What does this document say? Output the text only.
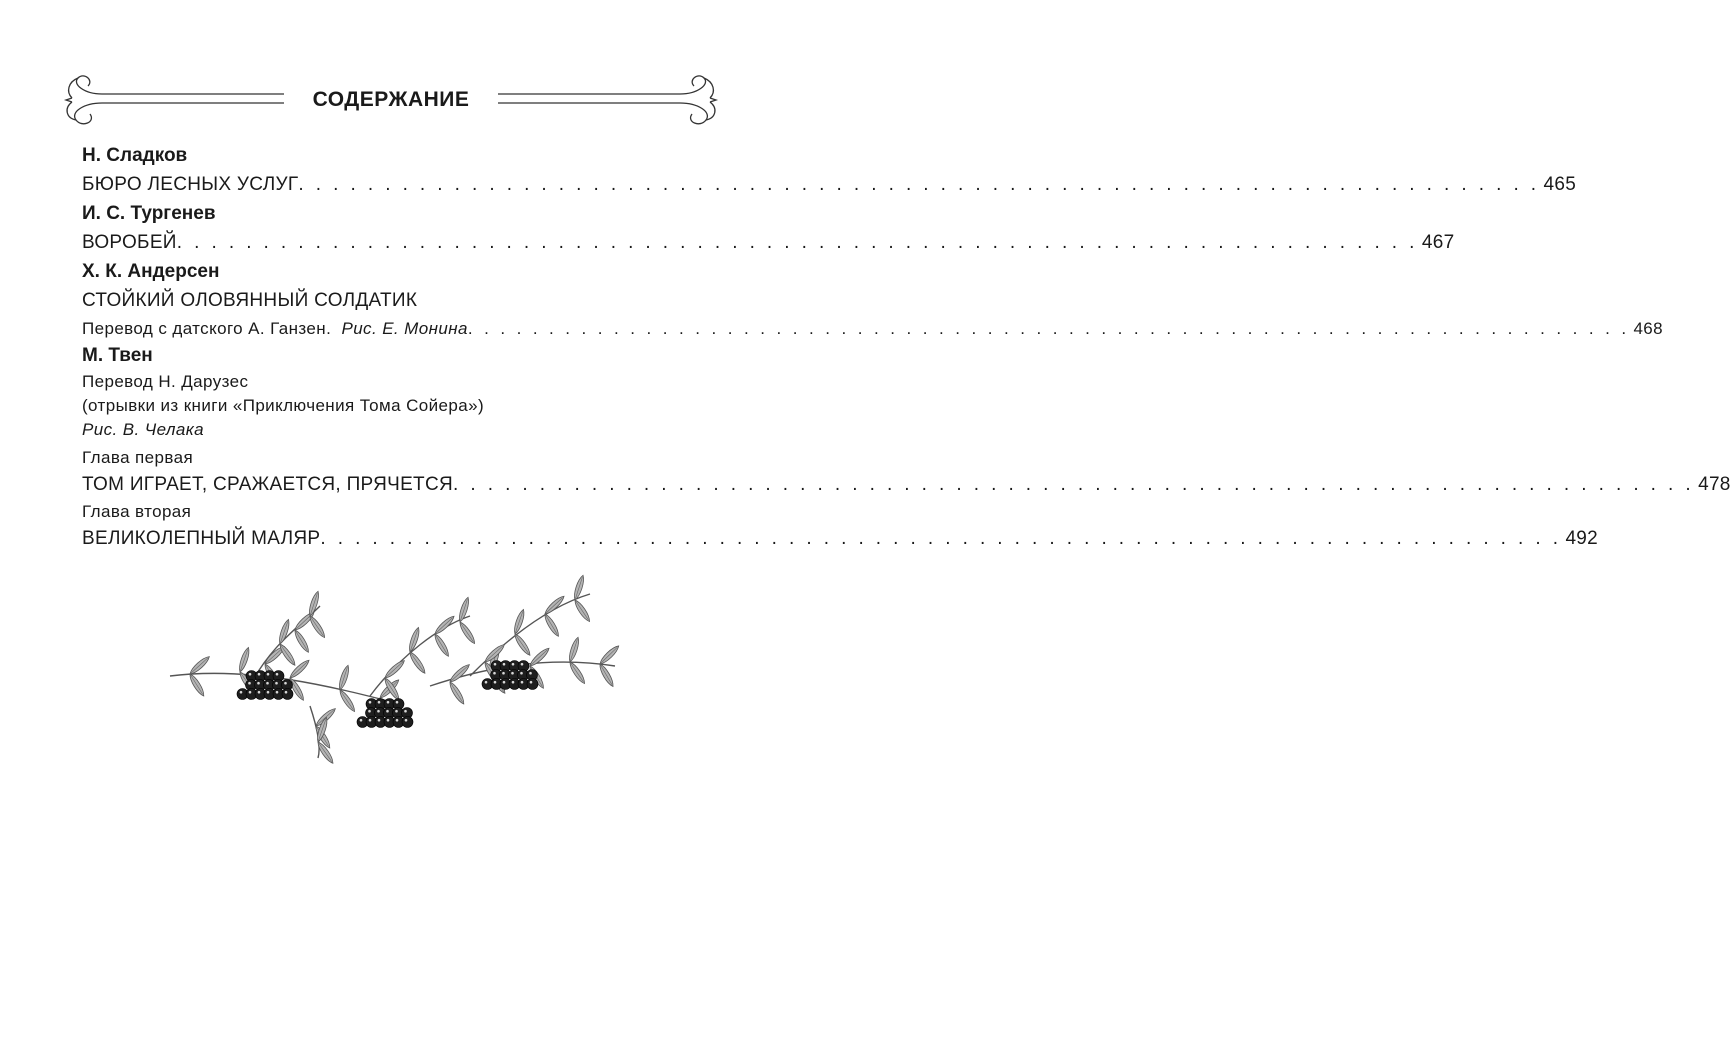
СОДЕРЖАНИЕ
Н. Сладков
БЮРО ЛЕСНЫХ УСЛУГ . . . . . . . . . . . . . . . . . . . . . . . . . . . . . . . . . . . . . . . . . . . . . . . . . . . . . . . . . . . . . . . . . . . . . . . . 465
И. С. Тургенев
ВОРОБЕЙ . . . . . . . . . . . . . . . . . . . . . . . . . . . . . . . . . . . . . . . . . . . . . . . . . . . . . . . . . . . . . . . . . . . . . . . . 467
Х. К. Андерсен
СТОЙКИЙ ОЛОВЯННЫЙ СОЛДАТИК
Перевод с датского А. Ганзен. Рис. Е. Монина . . . . . . . . . . . . . . . . . . . . . . . . . . . . . . . . . . . . . . . . . . . . . . . . . . . . . . . . . . . . . . . . . . . . . . . . 468
М. Твен
Перевод Н. Дарузес
(отрывки из книги «Приключения Тома Сойера»)
Рис. В. Челака
Глава первая
ТОМ ИГРАЕТ, СРАЖАЕТСЯ, ПРЯЧЕТСЯ . . . . . . . . . . . . . . . . . . . . . . . . . . . . . . . . . . . . . . . . . . . . . . . . . . . . . . . . . . . . . . . . . . . . . . . . 478
Глава вторая
ВЕЛИКОЛЕПНЫЙ МАЛЯР . . . . . . . . . . . . . . . . . . . . . . . . . . . . . . . . . . . . . . . . . . . . . . . . . . . . . . . . . . . . . . . . . . . . . . . . 492
